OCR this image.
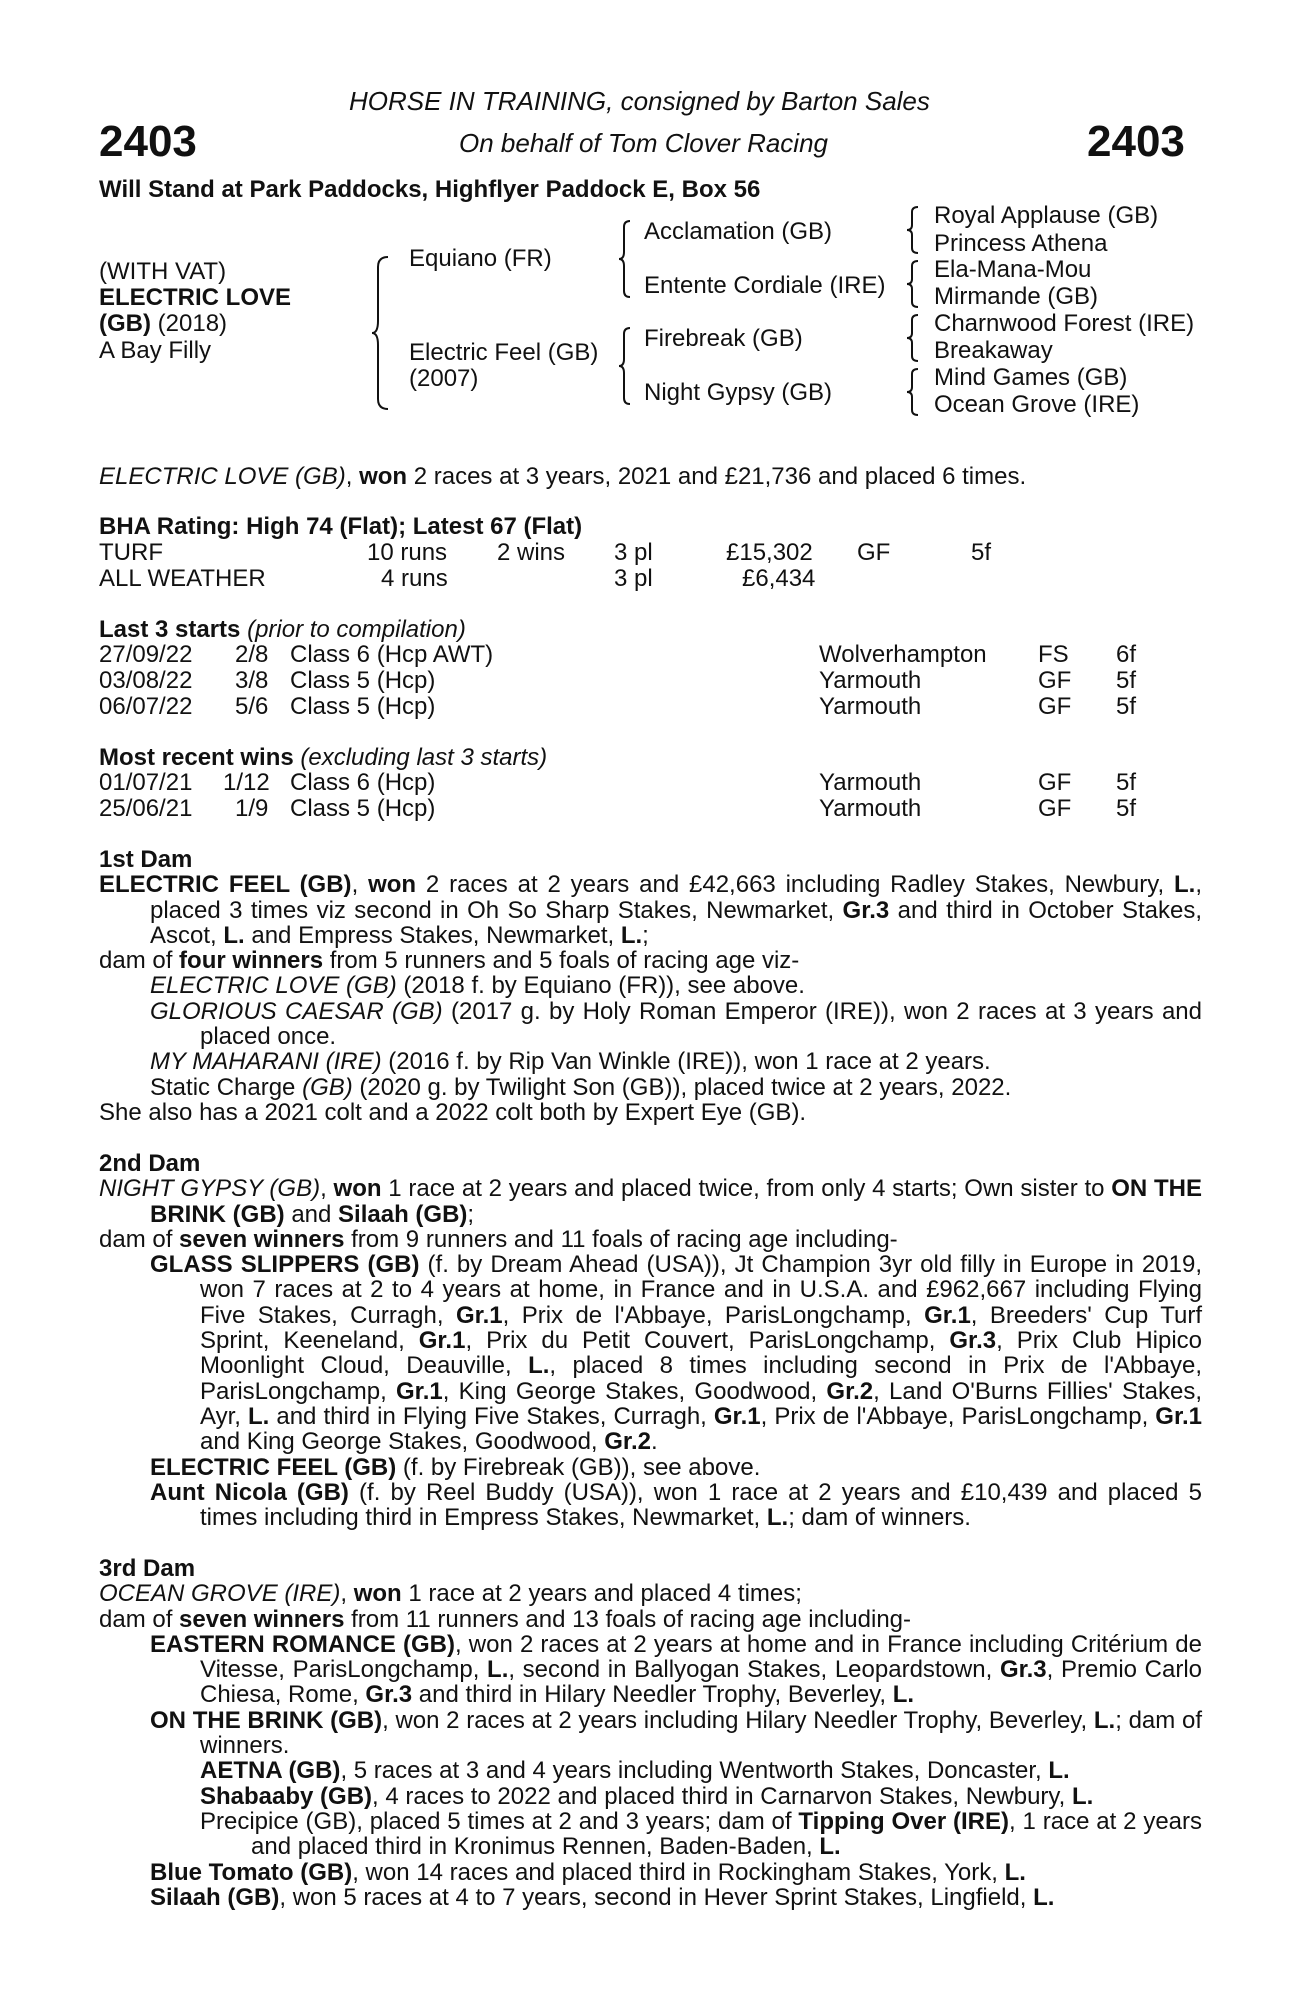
2403	2403
HORSE IN TRAINING, consigned by Barton Sales
On behalf of Tom Clover Racing
Will Stand at Park Paddocks, Highflyer Paddock E, Box 56
(WITH VAT)
ELECTRIC LOVE
(GB) (2018)
A Bay Filly
Equiano (FR)
Electric Feel (GB)
(2007)
Acclamation (GB)
Entente Cordiale (IRE)
Firebreak (GB)
Night Gypsy (GB)
Royal Applause (GB)
Princess Athena
Ela-Mana-Mou
Mirmande (GB)
Charnwood Forest (IRE)
Breakaway
Mind Games (GB)
Ocean Grove (IRE)
ELECTRIC LOVE (GB), won 2 races at 3 years, 2021 and £21,736 and placed 6 times.
BHA Rating: High 74 (Flat); Latest 67 (Flat)
TURF	10 runs 2 wins 3 pl	£15,302 GF	5f
ALL WEATHER	4 runs	3 pl	£6,434
Last 3 starts (prior to compilation)
27/09/22 2/8 Class 6 (Hcp AWT)	Wolverhampton FS 6f
03/08/22 3/8 Class 5 (Hcp)	Yarmouth	GF 5f
06/07/22 5/6 Class 5 (Hcp)	Yarmouth	GF 5f
Most recent wins (excluding last 3 starts)
01/07/21 1/12 Class 6 (Hcp)	Yarmouth	GF 5f
25/06/21 1/9 Class 5 (Hcp)	Yarmouth	GF 5f

1st Dam

ELECTRIC FEEL (GB), won 2 races at 2 years and £42,663 including Radley Stakes, Newbury, L., placed 3 times viz second in Oh So Sharp Stakes, Newmarket, Gr.3 and third in October Stakes, Ascot, L. and Empress Stakes, Newmarket, L.;

dam of four winners from 5 runners and 5 foals of racing age viz-

ELECTRIC LOVE (GB) (2018 f. by Equiano (FR)), see above.

GLORIOUS CAESAR (GB) (2017 g. by Holy Roman Emperor (IRE)), won 2 races at 3 years and placed once.

MY MAHARANI (IRE) (2016 f. by Rip Van Winkle (IRE)), won 1 race at 2 years.

Static Charge (GB) (2020 g. by Twilight Son (GB)), placed twice at 2 years, 2022.

She also has a 2021 colt and a 2022 colt both by Expert Eye (GB).

2nd Dam

NIGHT GYPSY (GB), won 1 race at 2 years and placed twice, from only 4 starts; Own sister to ON THE BRINK (GB) and Silaah (GB);

dam of seven winners from 9 runners and 11 foals of racing age including-

GLASS SLIPPERS (GB) (f. by Dream Ahead (USA)), Jt Champion 3yr old filly in Europe in 2019, won 7 races at 2 to 4 years at home, in France and in U.S.A. and £962,667 including Flying Five Stakes, Curragh, Gr.1, Prix de l'Abbaye, ParisLongchamp, Gr.1, Breeders' Cup Turf Sprint, Keeneland, Gr.1, Prix du Petit Couvert, ParisLongchamp, Gr.3, Prix Club Hipico Moonlight Cloud, Deauville, L., placed 8 times including second in Prix de l'Abbaye, ParisLongchamp, Gr.1, King George Stakes, Goodwood, Gr.2, Land O'Burns Fillies' Stakes, Ayr, L. and third in Flying Five Stakes, Curragh, Gr.1, Prix de l'Abbaye, ParisLongchamp, Gr.1 and King George Stakes, Goodwood, Gr.2.

ELECTRIC FEEL (GB) (f. by Firebreak (GB)), see above.

Aunt Nicola (GB) (f. by Reel Buddy (USA)), won 1 race at 2 years and £10,439 and placed 5 times including third in Empress Stakes, Newmarket, L.; dam of winners.

3rd Dam

OCEAN GROVE (IRE), won 1 race at 2 years and placed 4 times;

dam of seven winners from 11 runners and 13 foals of racing age including-

EASTERN ROMANCE (GB), won 2 races at 2 years at home and in France including Critérium de Vitesse, ParisLongchamp, L., second in Ballyogan Stakes, Leopardstown, Gr.3, Premio Carlo Chiesa, Rome, Gr.3 and third in Hilary Needler Trophy, Beverley, L.

ON THE BRINK (GB), won 2 races at 2 years including Hilary Needler Trophy, Beverley, L.; dam of winners.

AETNA (GB), 5 races at 3 and 4 years including Wentworth Stakes, Doncaster, L.

Shabaaby (GB), 4 races to 2022 and placed third in Carnarvon Stakes, Newbury, L.

Precipice (GB), placed 5 times at 2 and 3 years; dam of Tipping Over (IRE), 1 race at 2 years and placed third in Kronimus Rennen, Baden-Baden, L.

Blue Tomato (GB), won 14 races and placed third in Rockingham Stakes, York, L.

Silaah (GB), won 5 races at 4 to 7 years, second in Hever Sprint Stakes, Lingfield, L.
